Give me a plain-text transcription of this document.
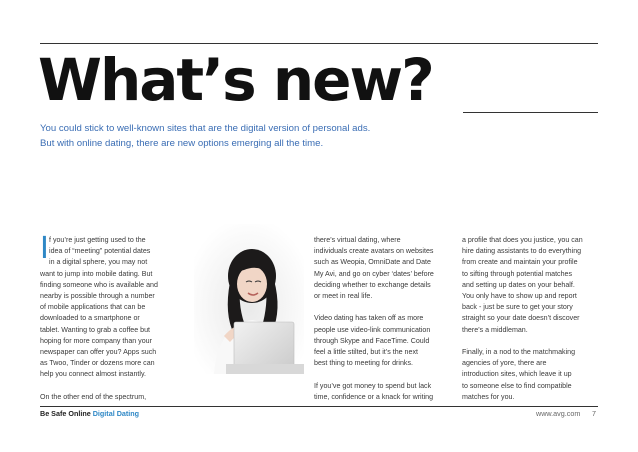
What’s new?
You could stick to well-known sites that are the digital version of personal ads.
But with online dating, there are new options emerging all the time.
I f you’re just getting used to the
idea of “meeting” potential dates
in a digital sphere, you may not
want to jump into mobile dating. But
finding someone who is available and
nearby is possible through a number
of mobile applications that can be
downloaded to a smartphone or
tablet. Wanting to grab a coffee but
hoping for more company than your
newspaper can offer you? Apps such
as Twoo, Tinder or dozens more can
help you connect almost instantly.
On the other end of the spectrum,
there’s virtual dating, where
individuals create avatars on websites
such as Weopia, OmniDate and Date
My Avi, and go on cyber ‘dates’ before
deciding whether to exchange details
or meet in real life.
Video dating has taken off as more
people use video-link communication
through Skype and FaceTime. Could
feel a little stilted, but it’s the next
best thing to meeting for drinks.
If you’ve got money to spend but lack
time, confidence or a knack for writing
a profile that does you justice, you can
hire dating assistants to do everything
from create and maintain your profile
to sifting through potential matches
and setting up dates on your behalf.
You only have to show up and report
back - just be sure to get your story
straight so your date doesn’t discover
there’s a middleman.
Finally, in a nod to the matchmaking
agencies of yore, there are
introduction sites, which leave it up
to someone else to find compatible
matches for you.
Be Safe Online Digital Dating	www.avg.com 7
